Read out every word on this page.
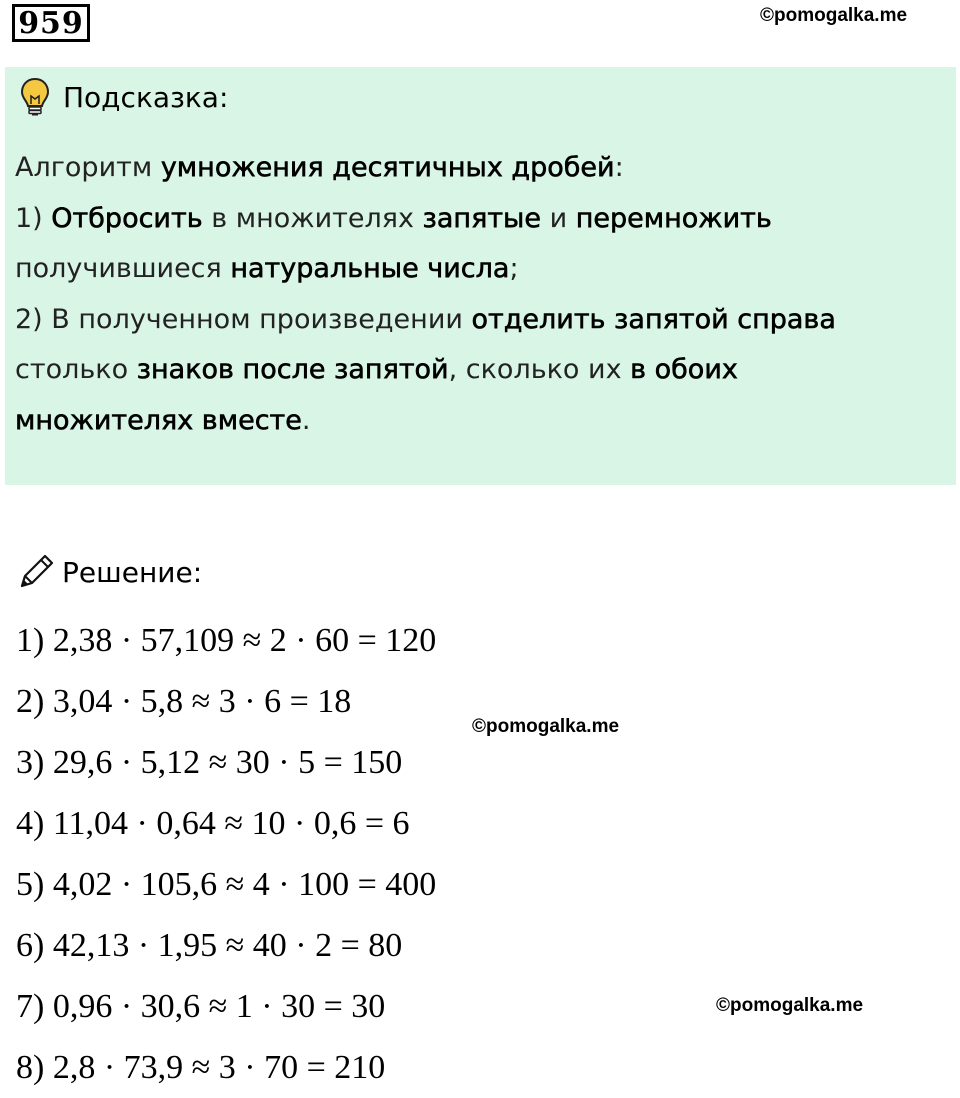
959	©pomogalka.me
Подсказка:
Алгоритм умножения десятичных дробей:
1) Отбросить в множителях запятые и перемножить
получившиеся натуральные числа;
2) В полученном произведении отделить запятой справа
столько знаков после запятой, сколько их в обоих
множителях вместе.
Решение:
1) 2,38 · 57,109 ≈ 2 · 60 = 120
2) 3,04 · 5,8 ≈ 3 · 6 = 18
3) 29,6 · 5,12 ≈ 30 · 5 = 150
4) 11,04 · 0,64 ≈ 10 · 0,6 = 6
5) 4,02 · 105,6 ≈ 4 · 100 = 400
6) 42,13 · 1,95 ≈ 40 · 2 = 80
7) 0,96 · 30,6 ≈ 1 · 30 = 30
8) 2,8 · 73,9 ≈ 3 · 70 = 210
©pomogalka.me
©pomogalka.me
